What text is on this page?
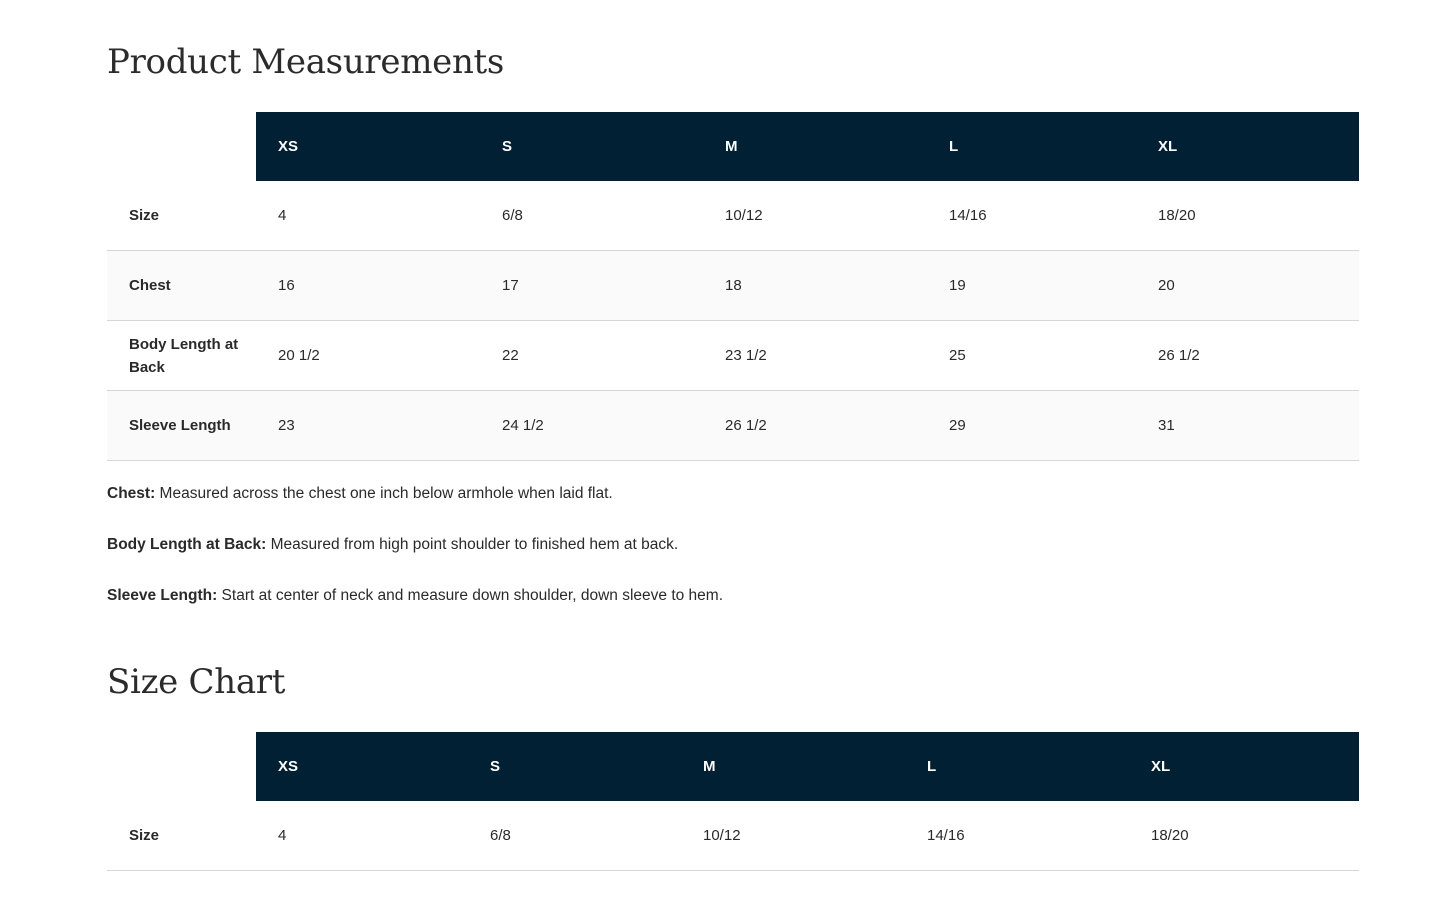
Product Measurements
	XS	S	M	L	XL
Size	4	6/8	10/12	14/16	18/20
Chest	16	17	18	19	20
Body Length at Back	20 1/2	22	23 1/2	25	26 1/2
Sleeve Length	23	24 1/2	26 1/2	29	31

Chest: Measured across the chest one inch below armhole when laid flat.

Body Length at Back: Measured from high point shoulder to finished hem at back.

Sleeve Length: Start at center of neck and measure down shoulder, down sleeve to hem.

Size Chart
	XS	S	M	L	XL
Size	4	6/8	10/12	14/16	18/20
